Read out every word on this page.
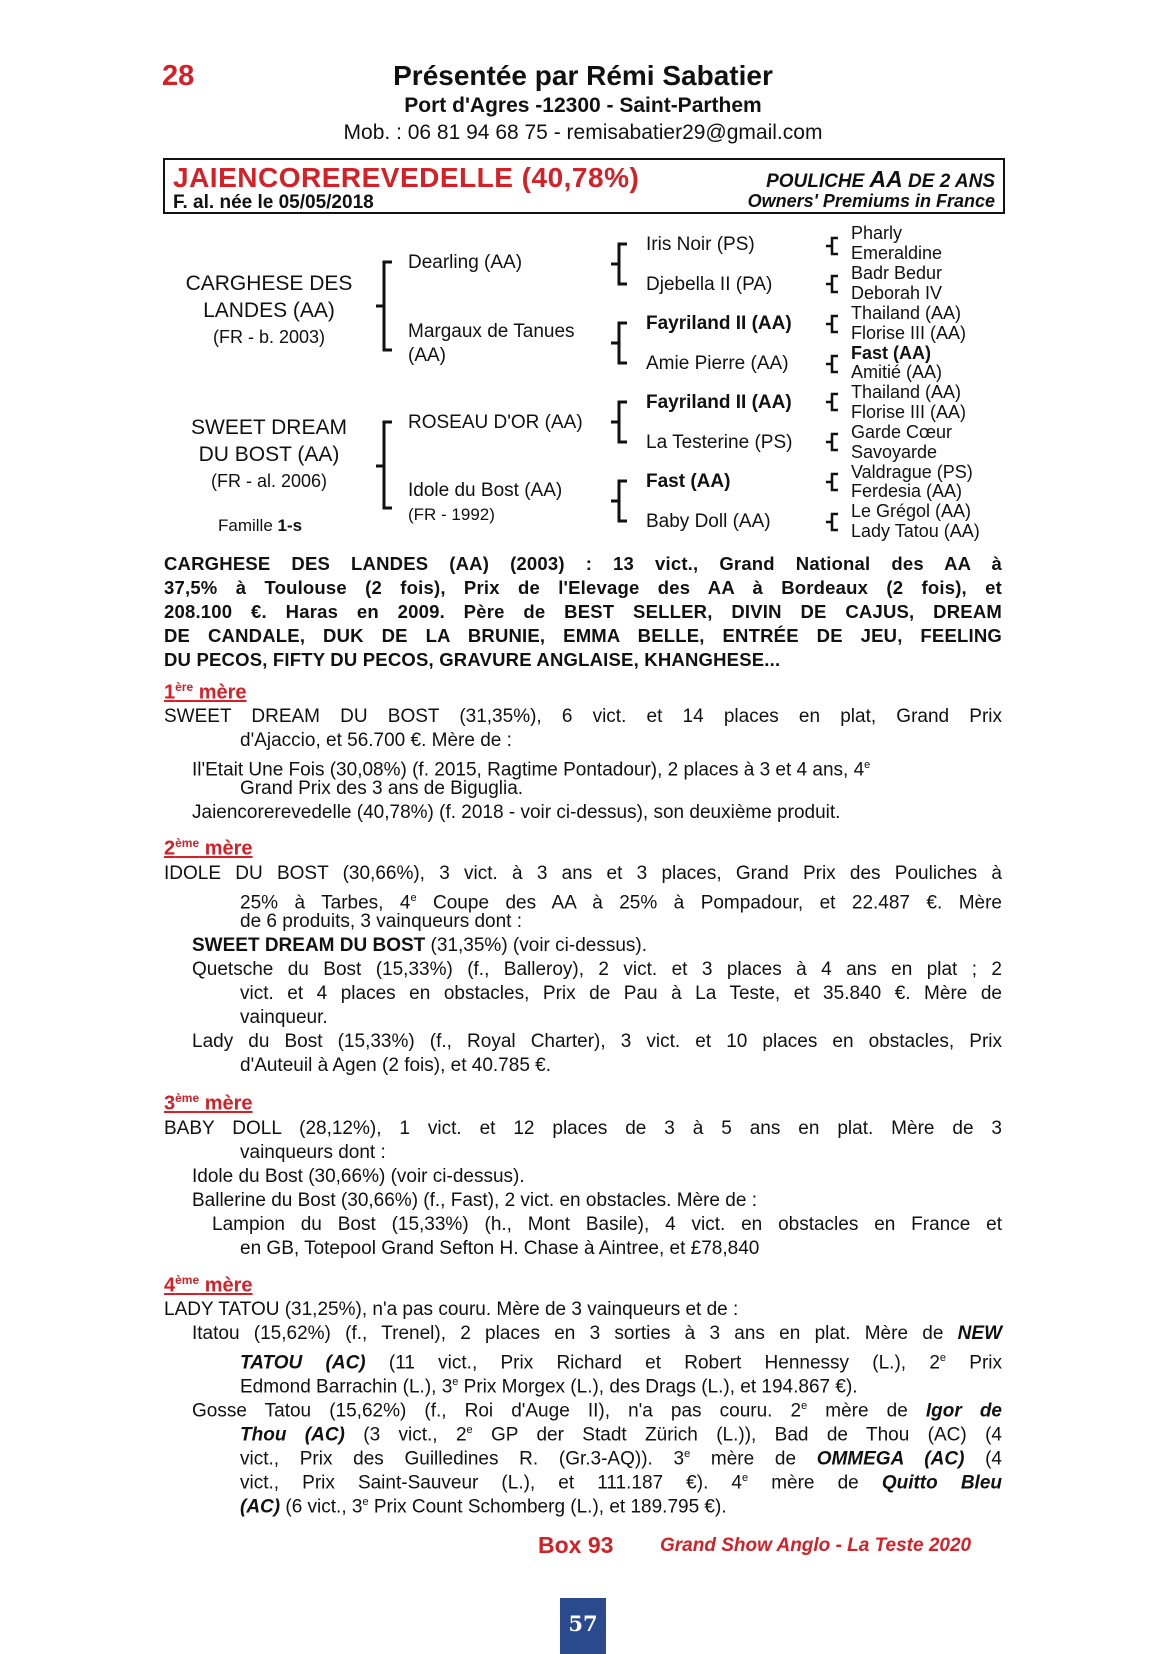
Présentée par Rémi Sabatier
28
Port d'Agres -12300 - Saint-Parthem
Mob. : 06 81 94 68 75 - remisabatier29@gmail.com
JAIENCOREREVEDELLE (40,78%)
F. al. née le 05/05/2018
POULICHE AA DE 2 ANS
Owners' Premiums in France
CARGHESE DES
LANDES (AA)
(FR - b. 2003)
SWEET DREAM
DU BOST (AA)
(FR - al. 2006)
Famille 1-s
Dearling (AA)
Margaux de Tanues
(AA)
ROSEAU D'OR (AA)
Idole du Bost (AA)
(FR - 1992)
Iris Noir (PS)
Djebella II (PA)
Fayriland II (AA)
Amie Pierre (AA)
Fayriland II (AA)
La Testerine (PS)
Fast (AA)
Baby Doll (AA)
Pharly
Emeraldine
Badr Bedur
Deborah IV
Thailand (AA)
Florise III (AA)
Fast (AA)
Amitié (AA)
Thailand (AA)
Florise III (AA)
Garde Cœur
Savoyarde
Valdrague (PS)
Ferdesia (AA)
Le Grégol (AA)
Lady Tatou (AA)
CARGHESE DES LANDES (AA) (2003) : 13 vict., Grand National des AA à
37,5% à Toulouse (2 fois), Prix de l'Elevage des AA à Bordeaux (2 fois), et
208.100 €. Haras en 2009. Père de BEST SELLER, DIVIN DE CAJUS, DREAM
DE CANDALE, DUK DE LA BRUNIE, EMMA BELLE, ENTRÉE DE JEU, FEELING
DU PECOS, FIFTY DU PECOS, GRAVURE ANGLAISE, KHANGHESE...
1ère mère
SWEET DREAM DU BOST (31,35%), 6 vict. et 14 places en plat, Grand Prix
d'Ajaccio, et 56.700 €. Mère de :
Il'Etait Une Fois (30,08%) (f. 2015, Ragtime Pontadour), 2 places à 3 et 4 ans, 4e
Grand Prix des 3 ans de Biguglia.
Jaiencorerevedelle (40,78%) (f. 2018 - voir ci-dessus), son deuxième produit.
2ème mère
IDOLE DU BOST (30,66%), 3 vict. à 3 ans et 3 places, Grand Prix des Pouliches à
25% à Tarbes, 4e Coupe des AA à 25% à Pompadour, et 22.487 €. Mère
de 6 produits, 3 vainqueurs dont :
SWEET DREAM DU BOST (31,35%) (voir ci-dessus).
Quetsche du Bost (15,33%) (f., Balleroy), 2 vict. et 3 places à 4 ans en plat ; 2
vict. et 4 places en obstacles, Prix de Pau à La Teste, et 35.840 €. Mère de
vainqueur.
Lady du Bost (15,33%) (f., Royal Charter), 3 vict. et 10 places en obstacles, Prix
d'Auteuil à Agen (2 fois), et 40.785 €.
3ème mère
BABY DOLL (28,12%), 1 vict. et 12 places de 3 à 5 ans en plat. Mère de 3
vainqueurs dont :
Idole du Bost (30,66%) (voir ci-dessus).
Ballerine du Bost (30,66%) (f., Fast), 2 vict. en obstacles. Mère de :
Lampion du Bost (15,33%) (h., Mont Basile), 4 vict. en obstacles en France et
en GB, Totepool Grand Sefton H. Chase à Aintree, et £78,840
4ème mère
LADY TATOU (31,25%), n'a pas couru. Mère de 3 vainqueurs et de :
Itatou (15,62%) (f., Trenel), 2 places en 3 sorties à 3 ans en plat. Mère de NEW
TATOU (AC) (11 vict., Prix Richard et Robert Hennessy (L.), 2e Prix
Edmond Barrachin (L.), 3e Prix Morgex (L.), des Drags (L.), et 194.867 €).
Gosse Tatou (15,62%) (f., Roi d'Auge II), n'a pas couru. 2e mère de Igor de
Thou (AC) (3 vict., 2e GP der Stadt Zürich (L.)), Bad de Thou (AC) (4
vict., Prix des Guilledines R. (Gr.3-AQ)). 3e mère de OMMEGA (AC) (4
vict., Prix Saint-Sauveur (L.), et 111.187 €). 4e mère de Quitto Bleu
(AC) (6 vict., 3e Prix Count Schomberg (L.), et 189.795 €).
Box 93 Grand Show Anglo - La Teste 2020
57
